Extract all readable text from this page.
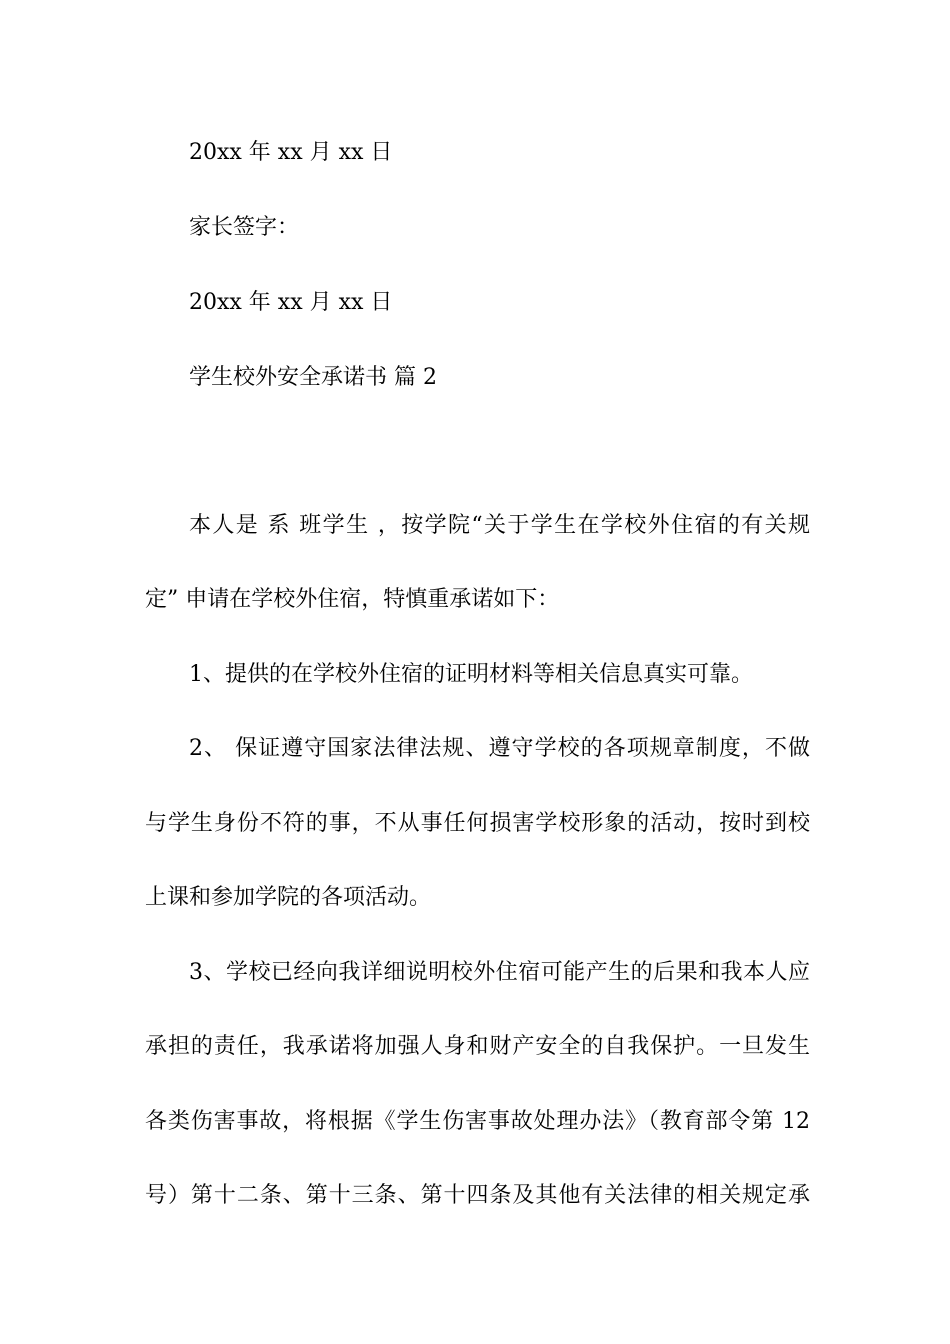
20xx 年 xx 月 xx 日
家长签字：
20xx 年 xx 月 xx 日
学生校外安全承诺书 篇 2
本人是 系 班学生 ，按学院“关于学生在学校外住宿的有关规
定” 申请在学校外住宿，特慎重承诺如下：
1、提供的在学校外住宿的证明材料等相关信息真实可靠。
2、 保证遵守国家法律法规、遵守学校的各项规章制度，不做
与学生身份不符的事，不从事任何损害学校形象的活动，按时到校
上课和参加学院的各项活动。
3、学校已经向我详细说明校外住宿可能产生的后果和我本人应
承担的责任，我承诺将加强人身和财产安全的自我保护。一旦发生
各类伤害事故，将根据《学生伤害事故处理办法》（教育部令第 12
号）第十二条、第十三条、第十四条及其他有关法律的相关规定承
